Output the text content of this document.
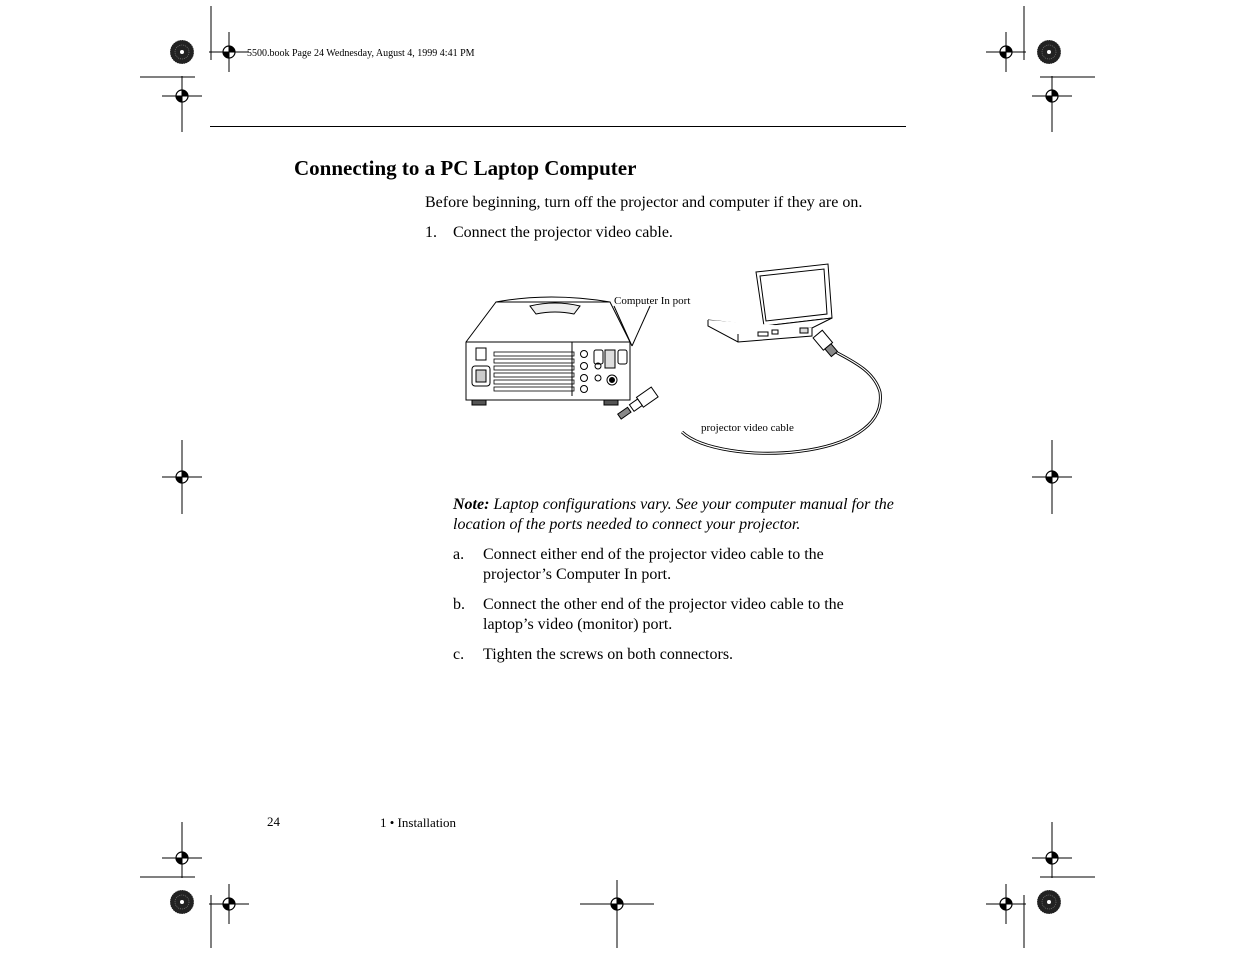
5500.book Page 24 Wednesday, August 4, 1999 4:41 PM
Connecting to a PC Laptop Computer
Before beginning, turn off the projector and computer if they are on.
1. Connect the projector video cable.
Computer In port
projector video cable
Note: Laptop configurations vary. See your computer manual for the location of the ports needed to connect your projector.
a. Connect either end of the projector video cable to the projector’s Computer In port.
b. Connect the other end of the projector video cable to the laptop’s video (monitor) port.
c. Tighten the screws on both connectors.
24	1 • Installation
